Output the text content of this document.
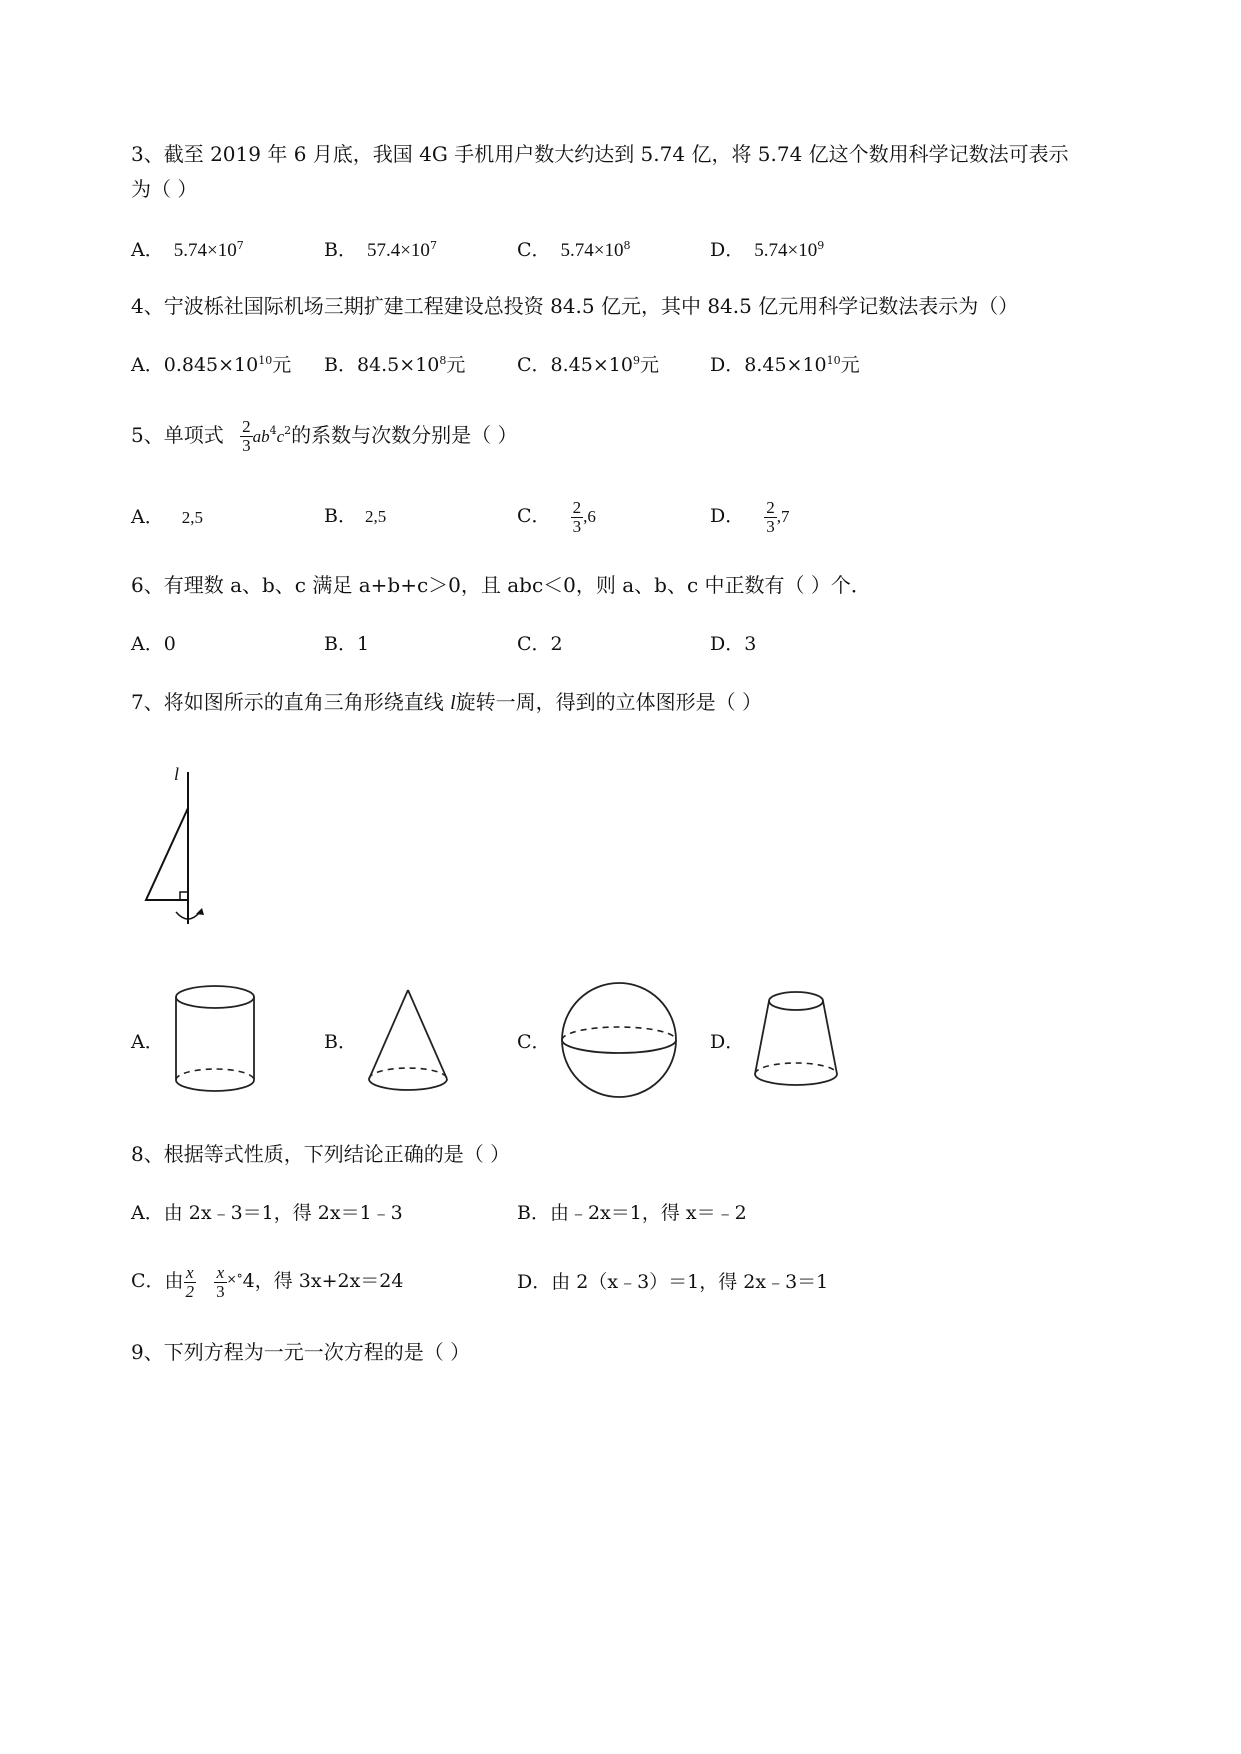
3、截至 2019 年 6 月底，我国 4G 手机用户数大约达到 5.74 亿，将 5.74 亿这个数用科学记数法可表示
为（ ）
A． $5.74\times 10^7$	B． $57.4\times 10^7$	C． $5.74\times 10^8$	D． $5.74\times 10^9$
4、宁波栎社国际机场三期扩建工程建设总投资 84.5 亿元，其中 84.5 亿元用科学记数法表示为（）
A．$0.845\times 10^{10}$元 B．$84.5\times 10^8$元	C．$8.45\times 10^9$元	D．$8.45\times 10^{10}$元
5、单项式 $\frac{2}{3} ab^4c^2$的系数与次数分别是（ ）
A． 2,5	B． 2,5	C． $\frac{2}{3} ,6$	D． $\frac{2}{3} ,7$
6、有理数 a、b、c 满足 a+b+c＞0，且 abc＜0，则 a、b、c 中正数有（ ）个．
A．0	B．1	C．2	D．3
7、将如图所示的直角三角形绕直线 l旋转一周，得到的立体图形是（ ）
l
A．	B．	C．	D．
8、根据等式性质，下列结论正确的是（ ）
A．由 2x﹣3＝1，得 2x＝1﹣3	B．由﹣2x＝1，得 x＝﹣2
C．由 $\frac{x}{2}$
$\frac{x}{3} ^{\times^\circ}4$，得 3x+2x＝24	D．由 2（x﹣3）＝1，得 2x﹣3＝1
9、下列方程为一元一次方程的是（ ）
